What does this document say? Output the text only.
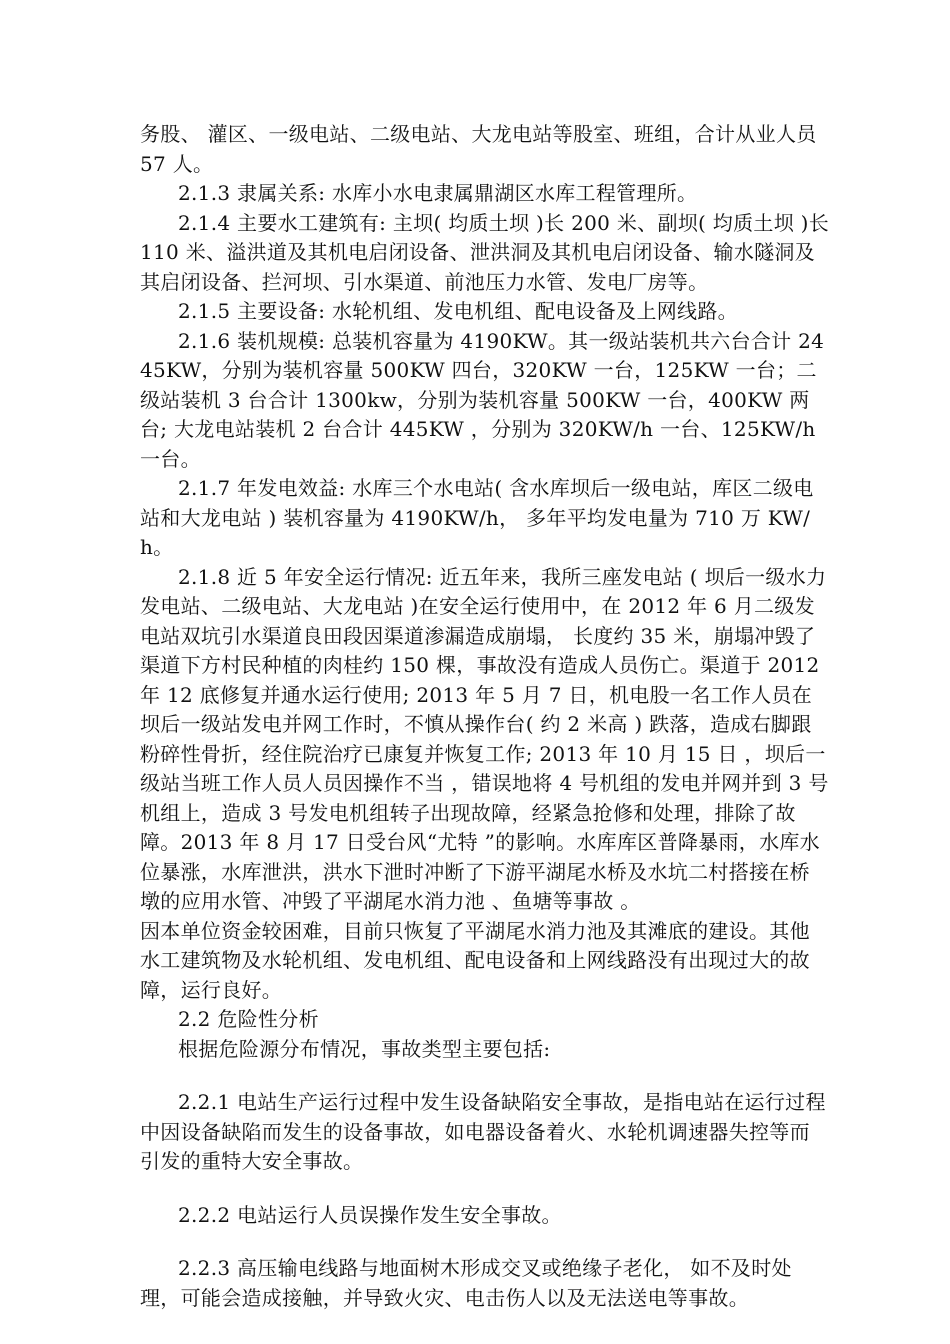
务股、 灌区、一级电站、二级电站、大龙电站等股室、班组，合计从业人员 57 人。

2.1.3 隶属关系: 水库小水电隶属鼎湖区水库工程管理所。

2.1.4 主要水工建筑有: 主坝( 均质土坝 )长 200 米、副坝( 均质土坝 )长 110 米、溢洪道及其机电启闭设备、泄洪洞及其机电启闭设备、输水隧洞及其启闭设备、拦河坝、引水渠道、前池压力水管、发电厂房等。

2.1.5 主要设备: 水轮机组、发电机组、配电设备及上网线路。

2.1.6 装机规模: 总装机容量为 4190KW。其一级站装机共六台合计 2445KW，分别为装机容量 500KW 四台，320KW 一台，125KW 一台；二级站装机 3 台合计 1300kw，分别为装机容量 500KW 一台，400KW 两台; 大龙电站装机 2 台合计 445KW ，分别为 320KW/h 一台、125KW/h 一台。

2.1.7 年发电效益: 水库三个水电站( 含水库坝后一级电站，库区二级电站和大龙电站 ) 装机容量为 4190KW/h， 多年平均发电量为 710 万 KW/h。

2.1.8 近 5 年安全运行情况: 近五年来，我所三座发电站 ( 坝后一级水力发电站、二级电站、大龙电站 )在安全运行使用中，在 2012 年 6 月二级发电站双坑引水渠道良田段因渠道渗漏造成崩塌， 长度约 35 米，崩塌冲毁了渠道下方村民种植的肉桂约 150 棵，事故没有造成人员伤亡。渠道于 2012 年 12 底修复并通水运行使用; 2013 年 5 月 7 日，机电股一名工作人员在坝后一级站发电并网工作时，不慎从操作台( 约 2 米高 ) 跌落，造成右脚跟粉碎性骨折，经住院治疗已康复并恢复工作; 2013 年 10 月 15 日 ，坝后一级站当班工作人员人员因操作不当 ，错误地将 4 号机组的发电并网并到 3 号机组上，造成 3 号发电机组转子出现故障，经紧急抢修和处理，排除了故障。2013 年 8 月 17 日受台风“尤特 ”的影响。水库库区普降暴雨，水库水位暴涨，水库泄洪，洪水下泄时冲断了下游平湖尾水桥及水坑二村搭接在桥墩的应用水管、冲毁了平湖尾水消力池 、鱼塘等事故 。

因本单位资金较困难，目前只恢复了平湖尾水消力池及其滩底的建设。其他水工建筑物及水轮机组、发电机组、配电设备和上网线路没有出现过大的故障，运行良好。

2.2 危险性分析

根据危险源分布情况，事故类型主要包括:

2.2.1 电站生产运行过程中发生设备缺陷安全事故，是指电站在运行过程中因设备缺陷而发生的设备事故，如电器设备着火、水轮机调速器失控等而引发的重特大安全事故。

2.2.2 电站运行人员误操作发生安全事故。

2.2.3 高压输电线路与地面树木形成交叉或绝缘子老化， 如不及时处理，可能会造成接触，并导致火灾、电击伤人以及无法送电等事故。
